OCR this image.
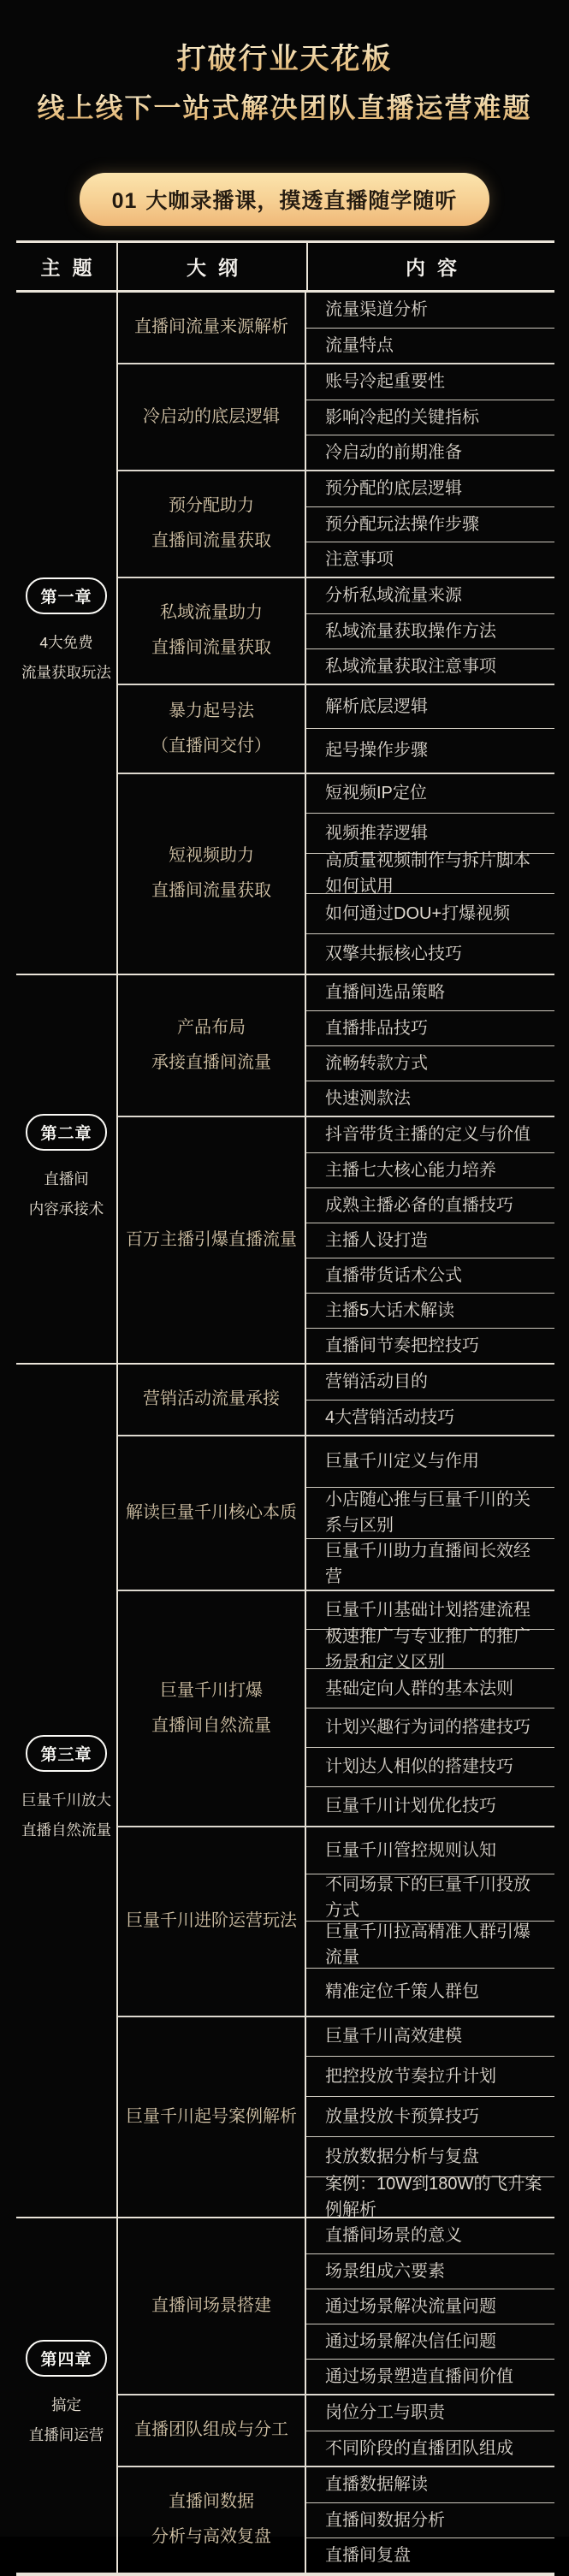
打破行业天花板
线上线下一站式解决团队直播运营难题
01 大咖录播课，摸透直播随学随听
主题	大纲	内容
第一章
4大免费
流量获取玩法
直播间流量来源解析
流量渠道分析
流量特点
冷启动的底层逻辑
账号冷起重要性
影响冷起的关键指标
冷启动的前期准备
预分配助力
直播间流量获取
预分配的底层逻辑
预分配玩法操作步骤
注意事项
私域流量助力
直播间流量获取
分析私域流量来源
私域流量获取操作方法
私域流量获取注意事项
暴力起号法
（直播间交付）
解析底层逻辑
起号操作步骤
短视频助力
直播间流量获取
短视频IP定位
视频推荐逻辑
高质量视频制作与拆片脚本如何试用
如何通过DOU+打爆视频
双擎共振核心技巧
第二章
直播间
内容承接术
产品布局
承接直播间流量
直播间选品策略
直播排品技巧
流畅转款方式
快速测款法
百万主播引爆直播流量
抖音带货主播的定义与价值
主播七大核心能力培养
成熟主播必备的直播技巧
主播人设打造
直播带货话术公式
主播5大话术解读
直播间节奏把控技巧
第三章
巨量千川放大
直播自然流量
营销活动流量承接
营销活动目的
4大营销活动技巧
解读巨量千川核心本质
巨量千川定义与作用
小店随心推与巨量千川的关系与区别
巨量千川助力直播间长效经营
巨量千川打爆
直播间自然流量
巨量千川基础计划搭建流程
极速推广与专业推广的推广场景和定义区别
基础定向人群的基本法则
计划兴趣行为词的搭建技巧
计划达人相似的搭建技巧
巨量千川计划优化技巧
巨量千川进阶运营玩法
巨量千川管控规则认知
不同场景下的巨量千川投放方式
巨量千川拉高精准人群引爆流量
精准定位千策人群包
巨量千川起号案例解析
巨量千川高效建模
把控投放节奏拉升计划
放量投放卡预算技巧
投放数据分析与复盘
案例：10W到180W的飞升案例解析
第四章
搞定
直播间运营
直播间场景搭建
直播间场景的意义
场景组成六要素
通过场景解决流量问题
通过场景解决信任问题
通过场景塑造直播间价值
直播团队组成与分工
岗位分工与职责
不同阶段的直播团队组成
直播间数据
分析与高效复盘
直播数据解读
直播间数据分析
直播间复盘
